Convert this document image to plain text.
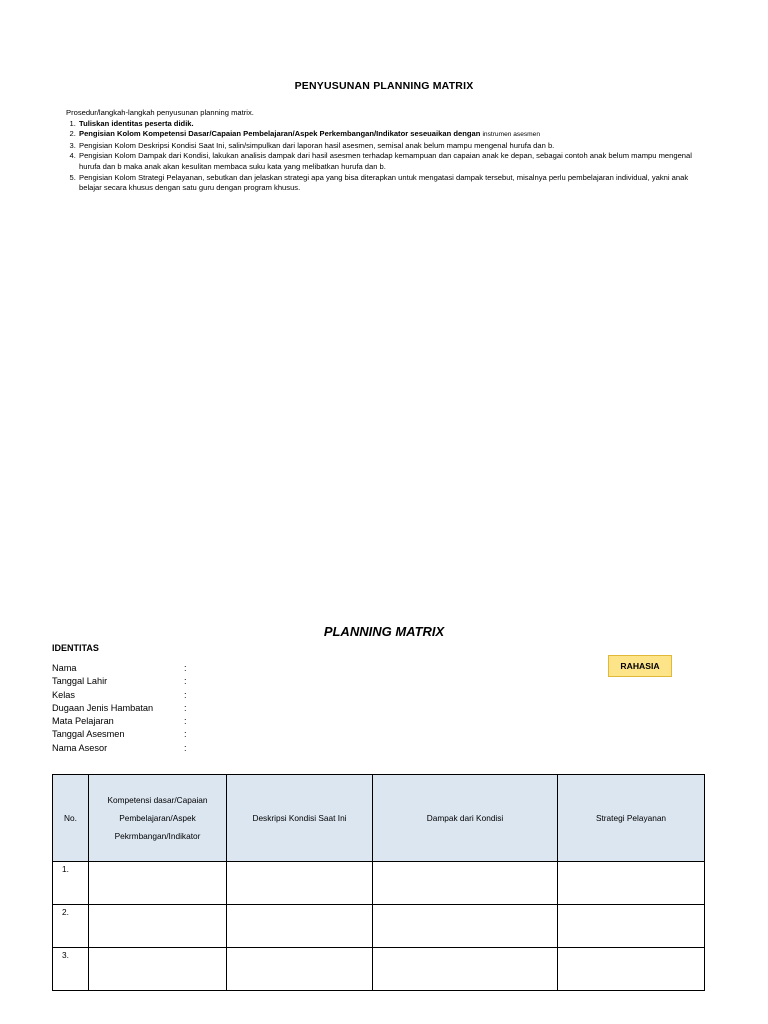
PENYUSUNAN PLANNING MATRIX

Prosedur/langkah-langkah penyusunan planning matrix.

1. Tuliskan identitas peserta didik.
2. Pengisian Kolom Kompetensi Dasar/Capaian Pembelajaran/Aspek Perkembangan/Indikator seseuaikan dengan instrumen asesmen
3. Pengisian Kolom Deskripsi Kondisi Saat Ini, salin/simpulkan dari laporan hasil asesmen, semisal anak belum mampu mengenal hurufa dan b.
4. Pengisian Kolom Dampak dari Kondisi, lakukan analisis dampak dari hasil asesmen terhadap kemampuan dan capaian anak ke depan, sebagai contoh anak belum mampu mengenal hurufa dan b maka anak akan kesulitan membaca suku kata yang melibatkan hurufa dan b.
5. Pengisian Kolom Strategi Pelayanan, sebutkan dan jelaskan strategi apa yang bisa diterapkan untuk mengatasi dampak tersebut, misalnya perlu pembelajaran individual, yakni anak belajar secara khusus dengan satu guru dengan program khusus.
PLANNING MATRIX
IDENTITAS
Nama	:
Tanggal Lahir	:
Kelas	:
Dugaan Jenis Hambatan	:
Mata Pelajaran	:
Tanggal Asesmen	:
Nama Asesor	:
RAHASIA
No.	Kompetensi dasar/Capaian Pembelajaran/Aspek Pekrmbangan/Indikator	Deskripsi Kondisi Saat Ini	Dampak dari Kondisi	Strategi Pelayanan
1.				
2.				
3.				
